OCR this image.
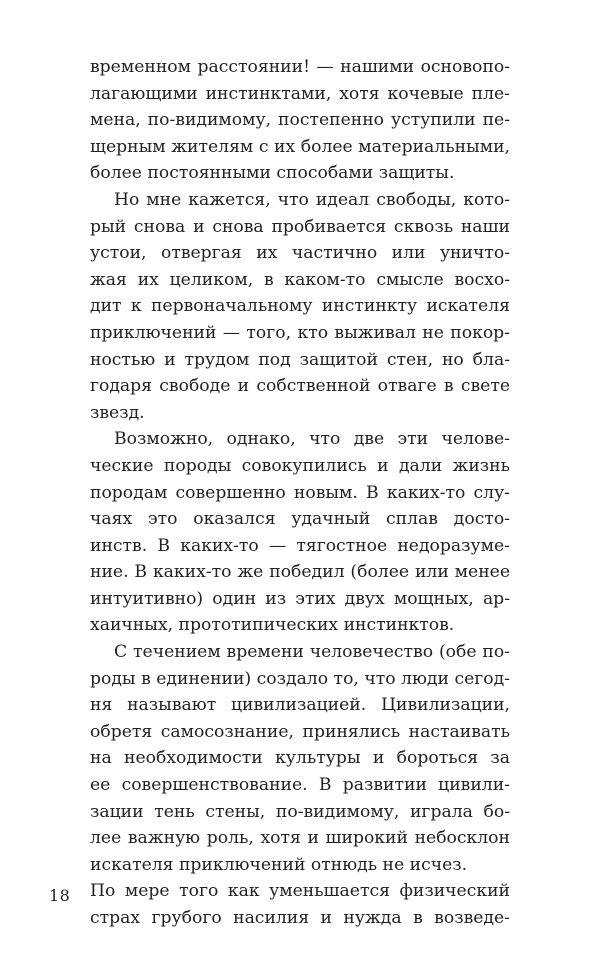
временном расстоянии! — нашими основопо-
лагающими инстинктами, хотя кочевые пле-
мена, по-видимому, постепенно уступили пе-
щерным жителям с их более материальными,
более постоянными способами защиты.
Но мне кажется, что идеал свободы, кото-
рый снова и снова пробивается сквозь наши
устои, отвергая их частично или уничто-
жая их целиком, в каком-то смысле восхо-
дит к первоначальному инстинкту искателя
приключений — того, кто выживал не покор-
ностью и трудом под защитой стен, но бла-
годаря свободе и собственной отваге в свете
звезд.
Возможно, однако, что две эти челове-
ческие породы совокупились и дали жизнь
породам совершенно новым. В каких-то слу-
чаях это оказался удачный сплав досто-
инств. В каких-то — тягостное недоразуме-
ние. В каких-то же победил (более или менее
интуитивно) один из этих двух мощных, ар-
хаичных, прототипических инстинктов.
С течением времени человечество (обе по-
роды в единении) создало то, что люди сегод-
ня называют цивилизацией. Цивилизации,
обретя самосознание, принялись настаивать
на необходимости культуры и бороться за
ее совершенствование. В развитии цивили-
зации тень стены, по-видимому, играла бо-
лее важную роль, хотя и широкий небосклон
искателя приключений отнюдь не исчез.
По мере того как уменьшается физический
страх грубого насилия и нужда в возведе-
18
